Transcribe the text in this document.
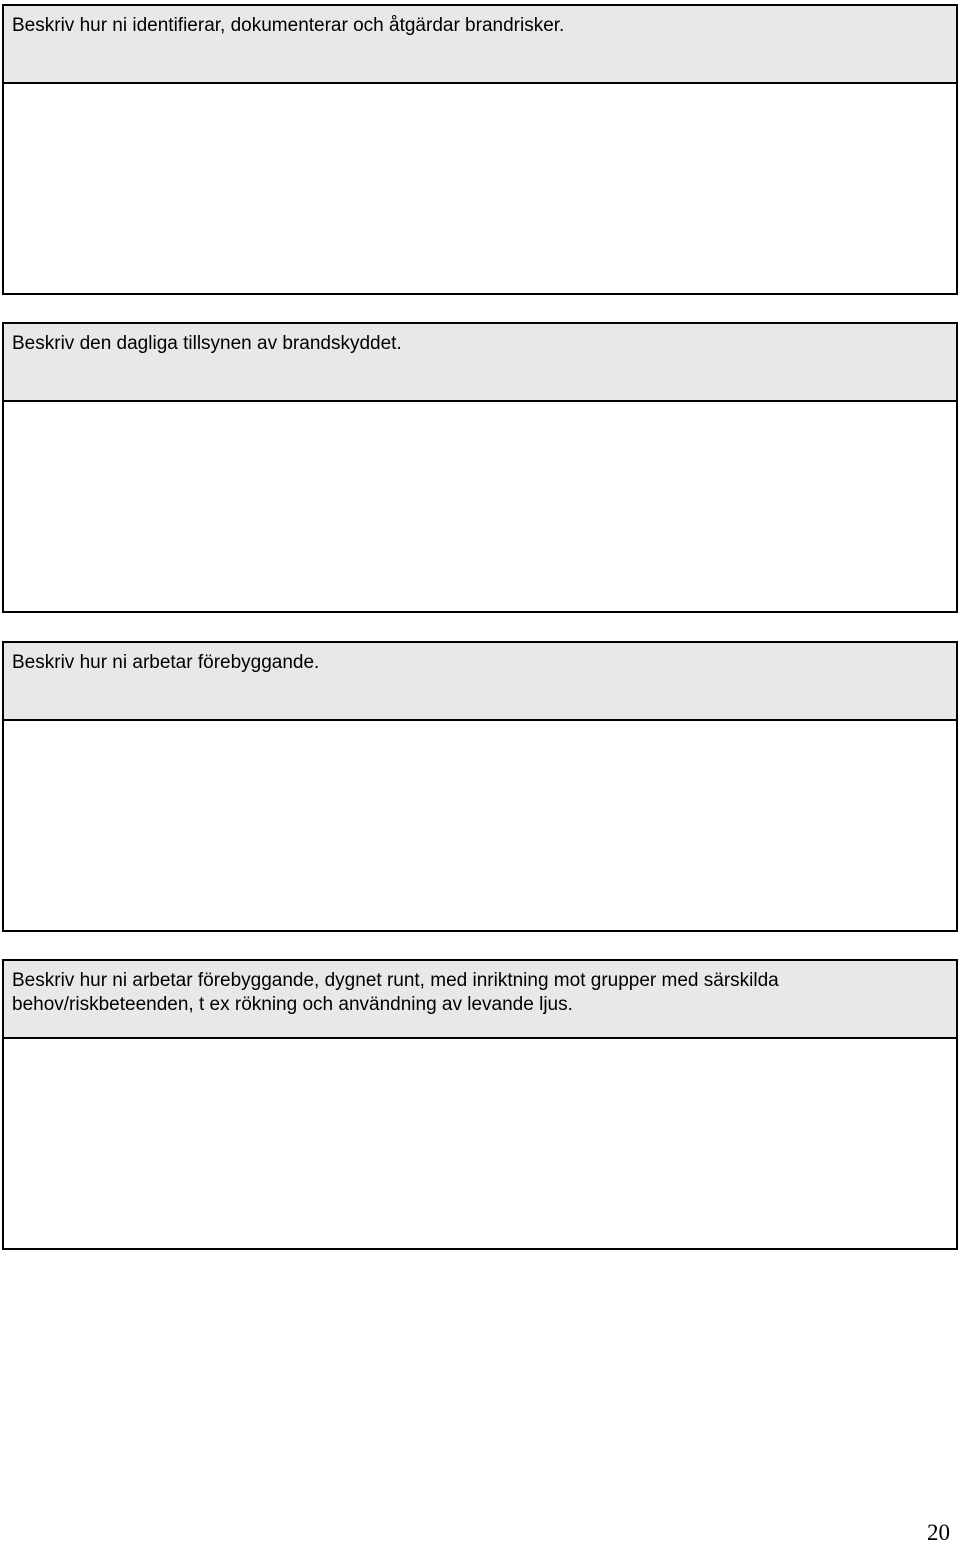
Beskriv hur ni identifierar, dokumenterar och åtgärdar brandrisker.
Beskriv den dagliga tillsynen av brandskyddet.
Beskriv hur ni arbetar förebyggande.
Beskriv hur ni arbetar förebyggande, dygnet runt, med inriktning mot grupper med särskilda behov/riskbeteenden, t ex rökning och användning av levande ljus.
20
